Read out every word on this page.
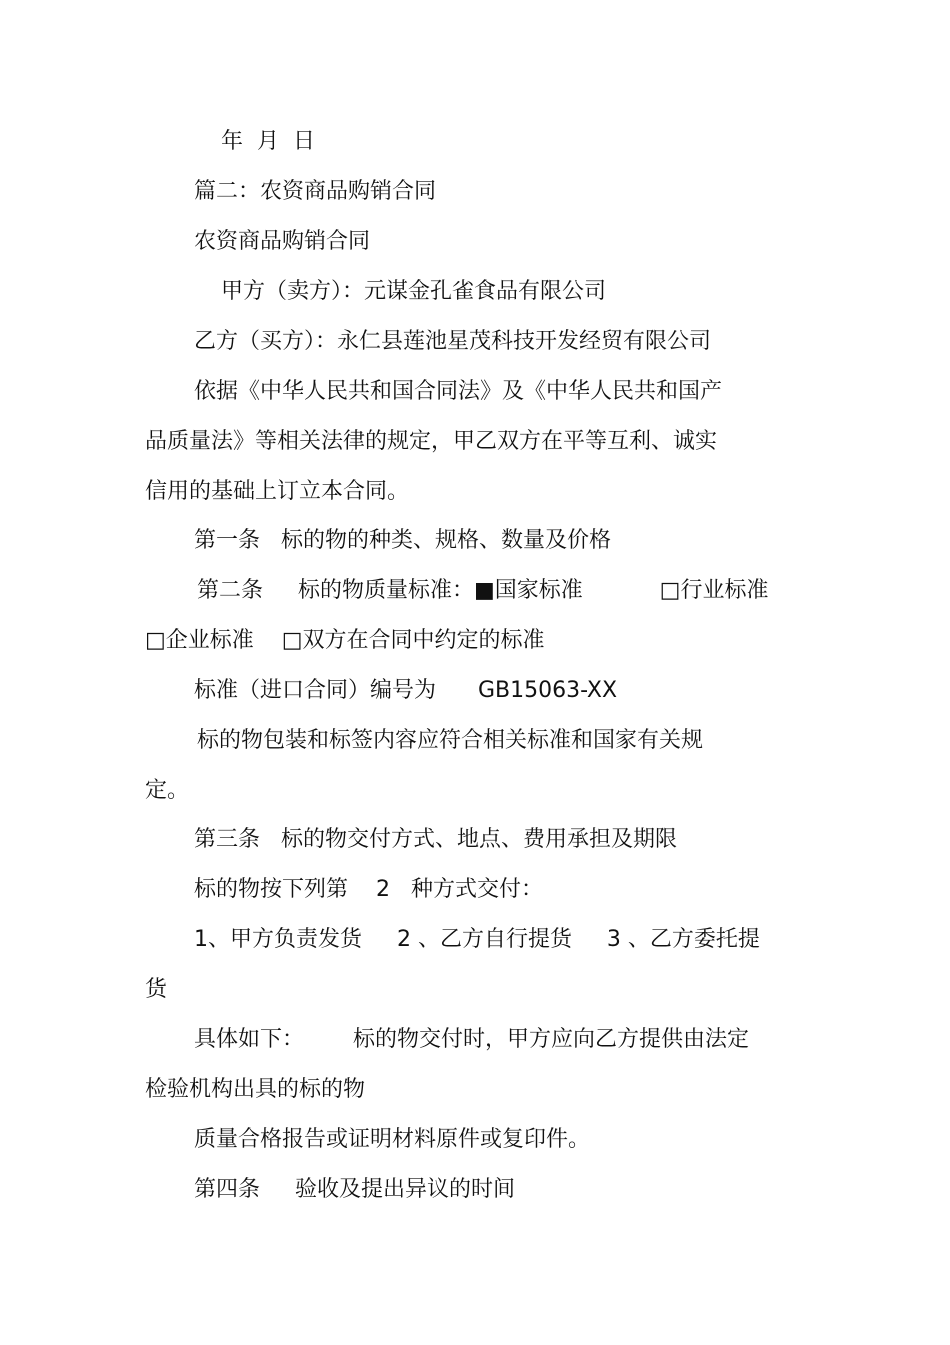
年  月  日
篇二：农资商品购销合同
农资商品购销合同
甲方（卖方）：元谋金孔雀食品有限公司
乙方（买方）：永仁县莲池星茂科技开发经贸有限公司
依据《中华人民共和国合同法》及《中华人民共和国产
品质量法》等相关法律的规定，甲乙双方在平等互利、诚实
信用的基础上订立本合同。
第一条   标的物的种类、规格、数量及价格
第二条     标的物质量标准：■国家标准           □行业标准
□企业标准    □双方在合同中约定的标准
标准（进口合同）编号为      GB15063-XX
标的物包装和标签内容应符合相关标准和国家有关规
定。
第三条   标的物交付方式、地点、费用承担及期限
标的物按下列第    2   种方式交付：
1、甲方负责发货     2 、乙方自行提货     3 、乙方委托提
货
具体如下：       标的物交付时，甲方应向乙方提供由法定
检验机构出具的标的物
质量合格报告或证明材料原件或复印件。
第四条     验收及提出异议的时间
